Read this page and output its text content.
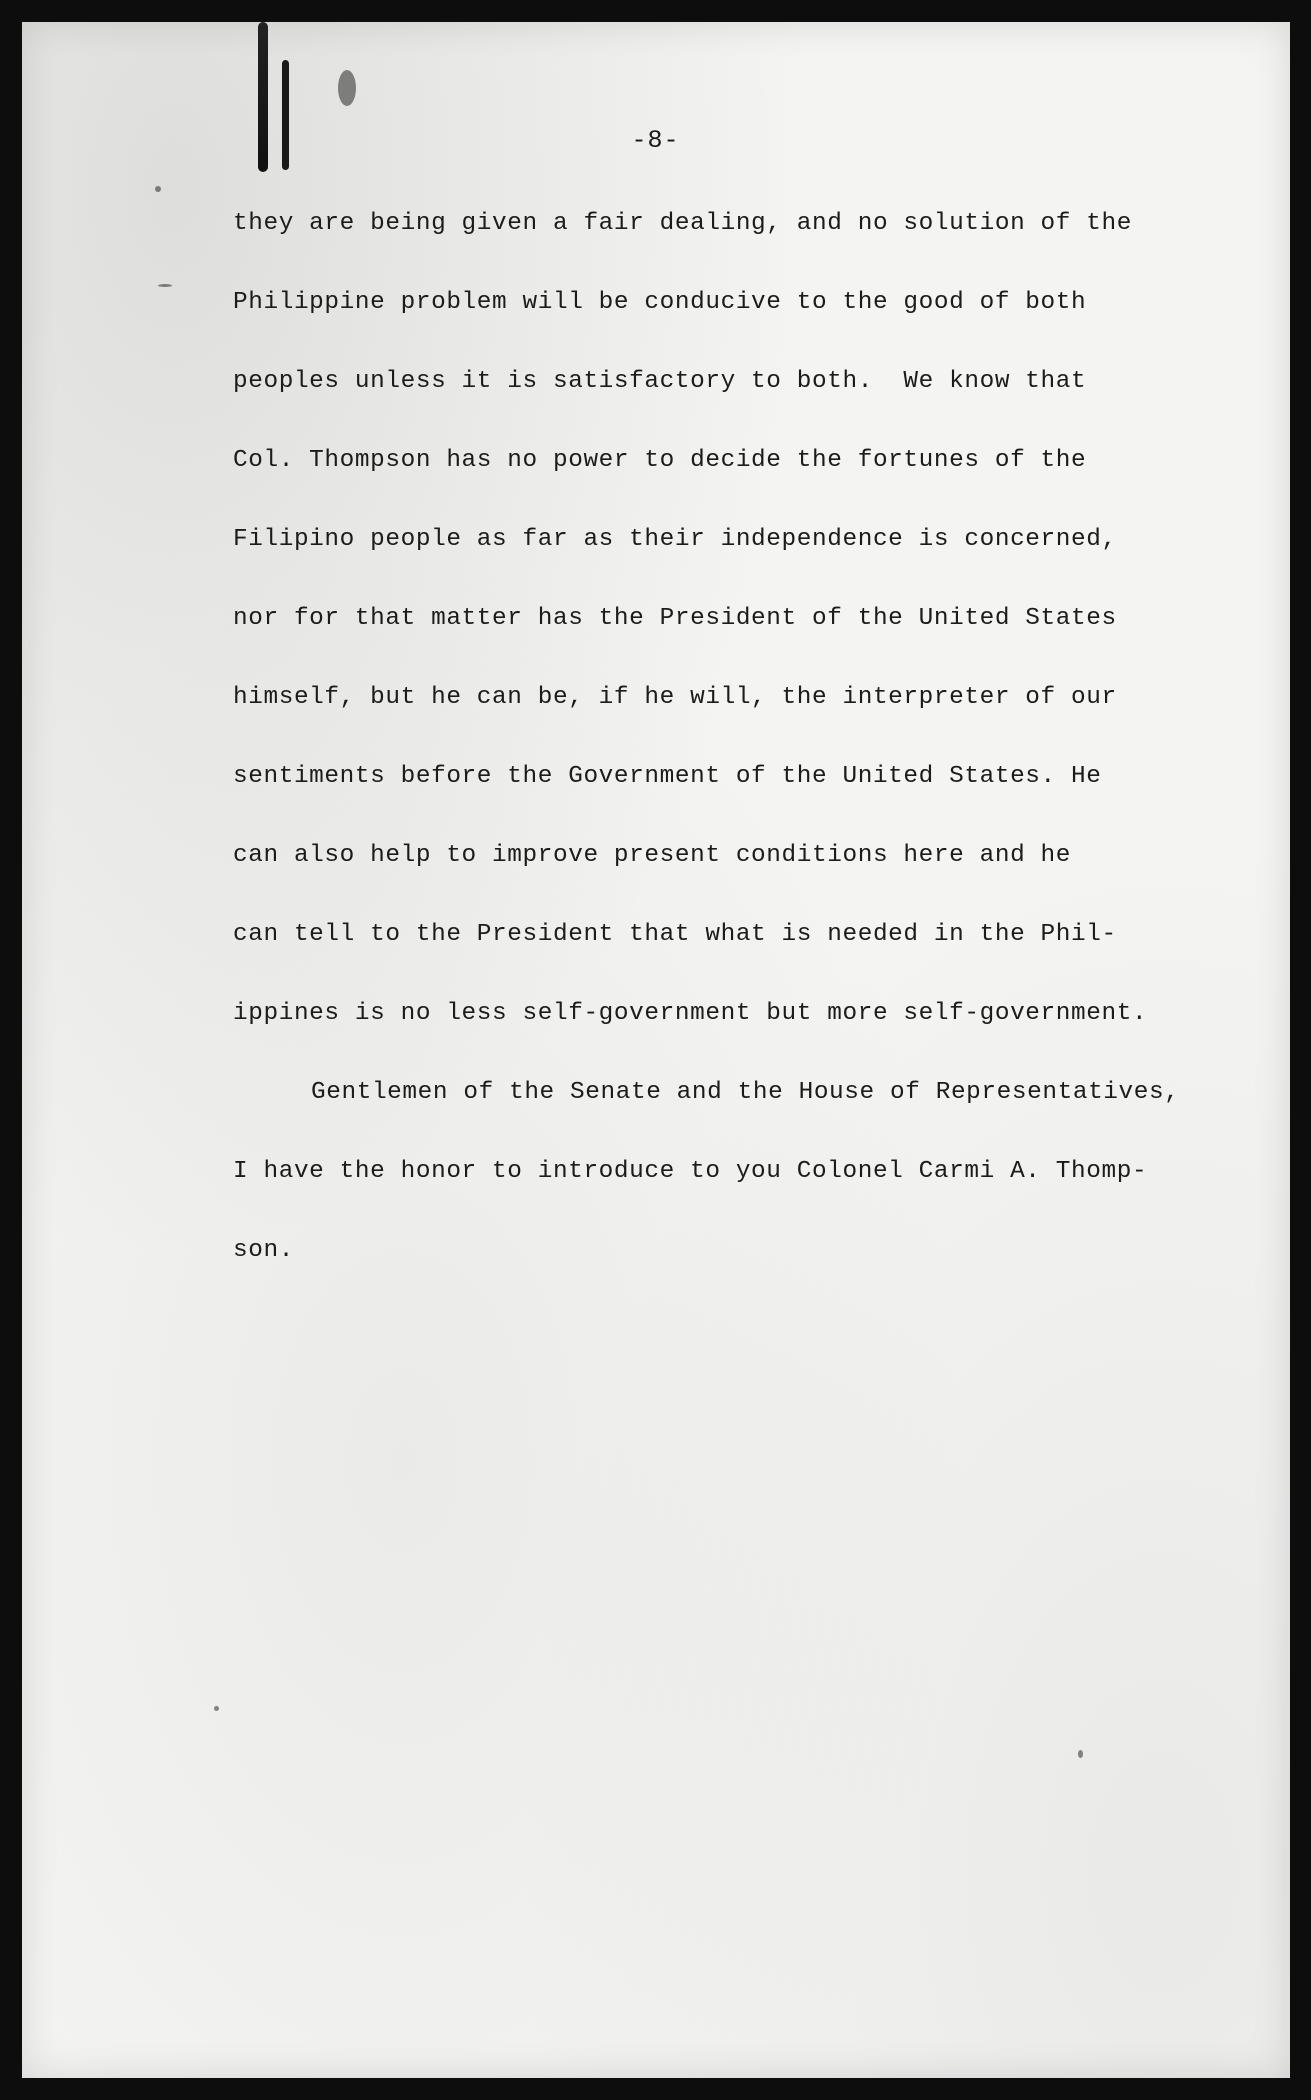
-8-
they are being given a fair dealing, and no solution of the
Philippine problem will be conducive to the good of both
peoples unless it is satisfactory to both.  We know that
Col. Thompson has no power to decide the fortunes of the
Filipino people as far as their independence is concerned,
nor for that matter has the President of the United States
himself, but he can be, if he will, the interpreter of our
sentiments before the Government of the United States. He
can also help to improve present conditions here and he
can tell to the President that what is needed in the Phil-
ippines is no less self-government but more self-government.
Gentlemen of the Senate and the House of Representatives,
I have the honor to introduce to you Colonel Carmi A. Thomp-
son.
